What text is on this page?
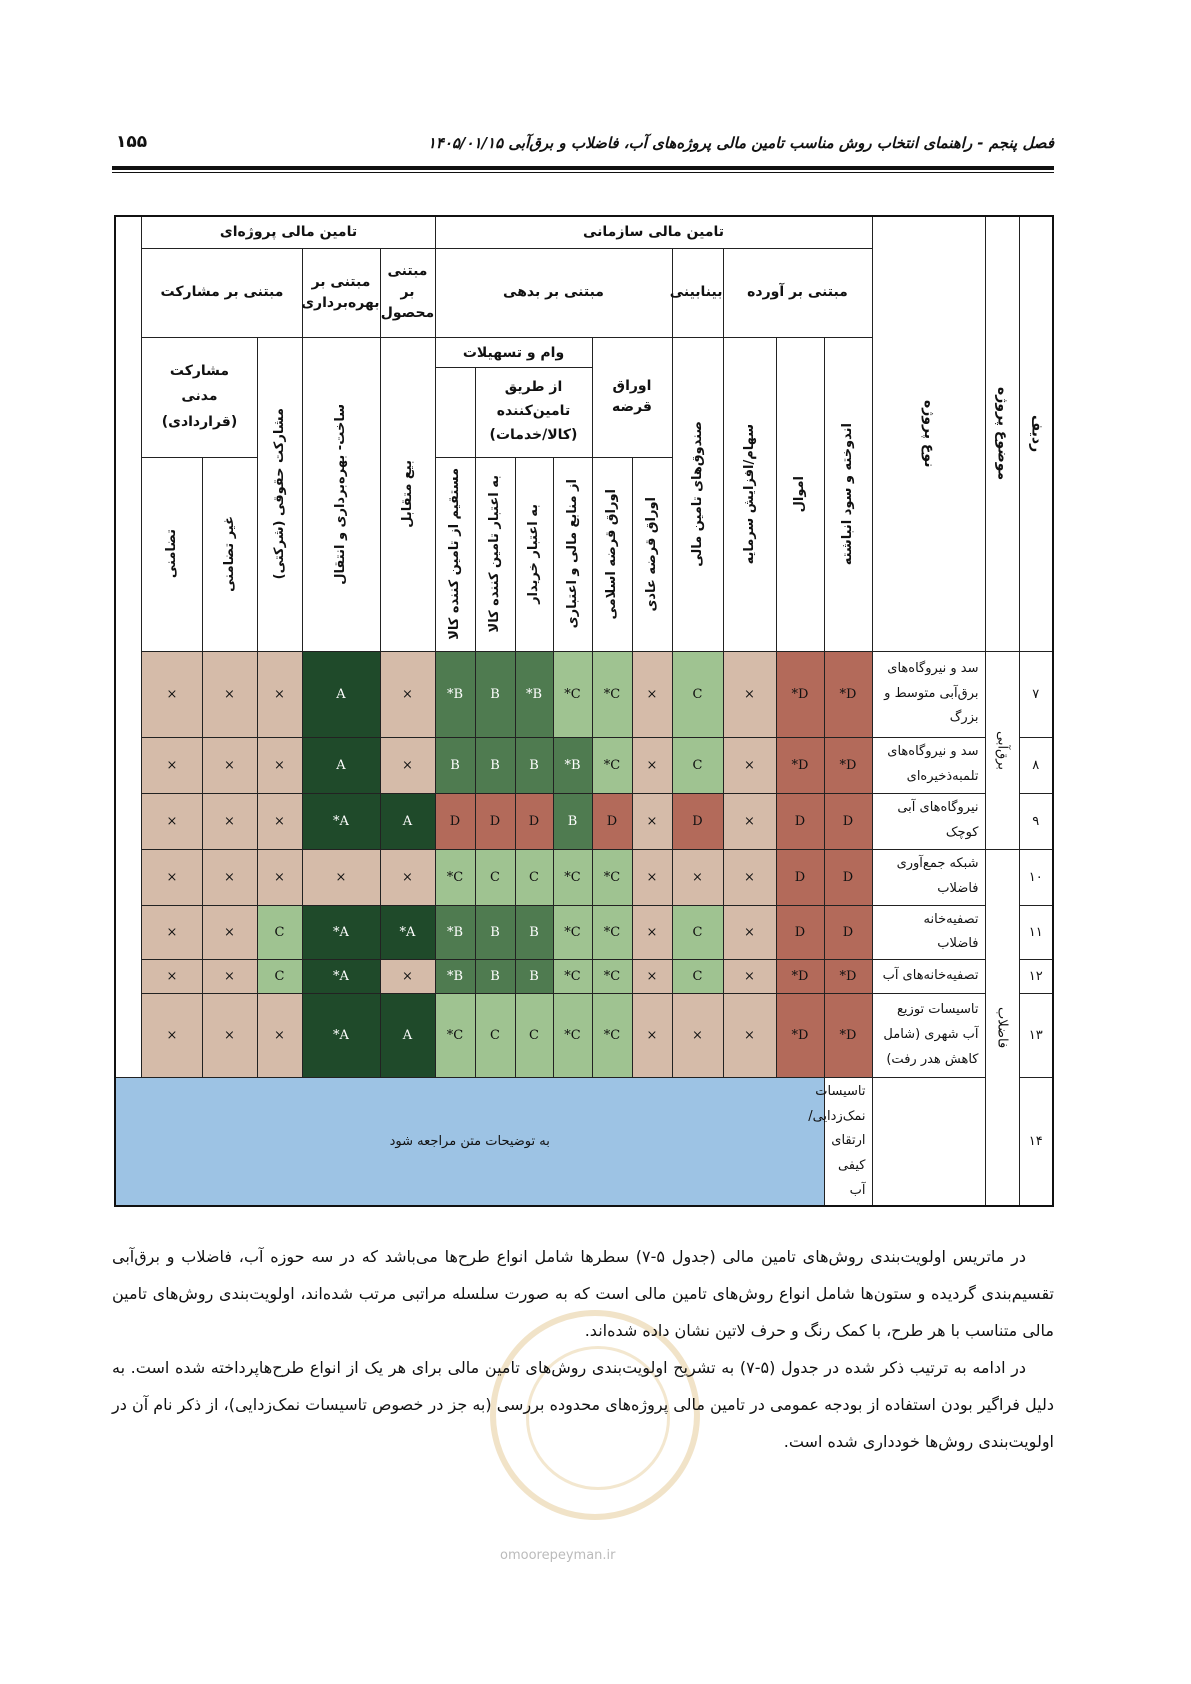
فصل پنجم - راهنمای انتخاب روش مناسب تامین مالی پروژه‌های آب، فاضلاب و برق‌آبی ۱۴۰۵/۰۱/۱۵
۱۵۵
ردیف	موضوع پروژه	نوع پروژه	تامین مالی سازمانی										تامین مالی پروژه‌ای				
			مبتنی بر آورده			بینابینی	مبتنی بر بدهی						مبتنی بر محصول	مبتنی بر بهره‌برداری	مبتنی بر مشارکت		

			اندوخته و سود انباشته	اموال	سهام/افزایش سرمایه	صندوق‌های تامین مالی	اوراق قرضه		وام و تسهیلات
از طریق تامین‌کننده (کالا/خدمات)				بیع متقابل	ساخت- بهره‌برداری و انتقال	مشارکت حقوقی (شرکتی)	مشارکت مدنی (قراردادی)	

							اوراق قرضه عادی	اوراق قرضه اسلامی	از منابع مالی و اعتباری	به اعتبار خریدار	به اعتبار تامین کننده کالا	مستقیم از تامین کننده کالا				غیر تضامنی	تضامنی

۷	برق‌آبی	سد و نیروگاه‌های برق‌آبی متوسط و بزرگ	D*	D*	×	C	×	C*	C*	B*	B	B*	×	A	×	×	×
۸		سد و نیروگاه‌های تلمبه‌ذخیره‌ای	D*	D*	×	C	×	C*	B*	B	B	B	×	A	×	×	×
۹		نیروگاه‌های آبی کوچک	D	D	×	D	×	D	B	D	D	D	A	A*	×	×	×
۱۰	فاضلاب	شبکه جمع‌آوری فاضلاب	D	D	×	×	×	C*	C*	C	C	C*	×	×	×	×	×
۱۱		تصفیه‌خانه فاضلاب	D	D	×	C	×	C*	C*	B	B	B*	A*	A*	C	×	×
۱۲		تصفیه‌خانه‌های آب	D*	D*	×	C	×	C*	C*	B	B	B*	×	A*	C	×	×
۱۳		تاسیسات توزیع آب شهری (شامل کاهش هدر رفت)	D*	D*	×	×	×	C*	C*	C	C	C*	A	A*	×	×	×
۱۴			تاسیسات نمک‌زدایی/ ارتقای کیفی آب	به توضیحات متن مراجعه شود													
omoorepeyman.ir

در ماتریس اولویت‌بندی روش‌های تامین مالی (جدول ۵-۷) سطرها شامل انواع طرح‌ها می‌باشد که در سه حوزه آب، فاضلاب و برق‌آبی تقسیم‌بندی گردیده و ستون‌ها شامل انواع روش‌های تامین مالی است که به صورت سلسله مراتبی مرتب شده‌اند، اولویت‌بندی روش‌های تامین مالی متناسب با هر طرح، با کمک رنگ و حرف لاتین نشان داده شده‌اند.

در ادامه به ترتیب ذکر شده در جدول (۵-۷) به تشریح اولویت‌بندی روش‌های تامین مالی برای هر یک از انواع طرح‌هاپرداخته شده است. به دلیل فراگیر بودن استفاده از بودجه عمومی در تامین مالی پروژه‌های محدوده بررسی (به جز در خصوص تاسیسات نمک‌زدایی)، از ذکر نام آن در اولویت‌بندی روش‌ها خودداری شده است.
